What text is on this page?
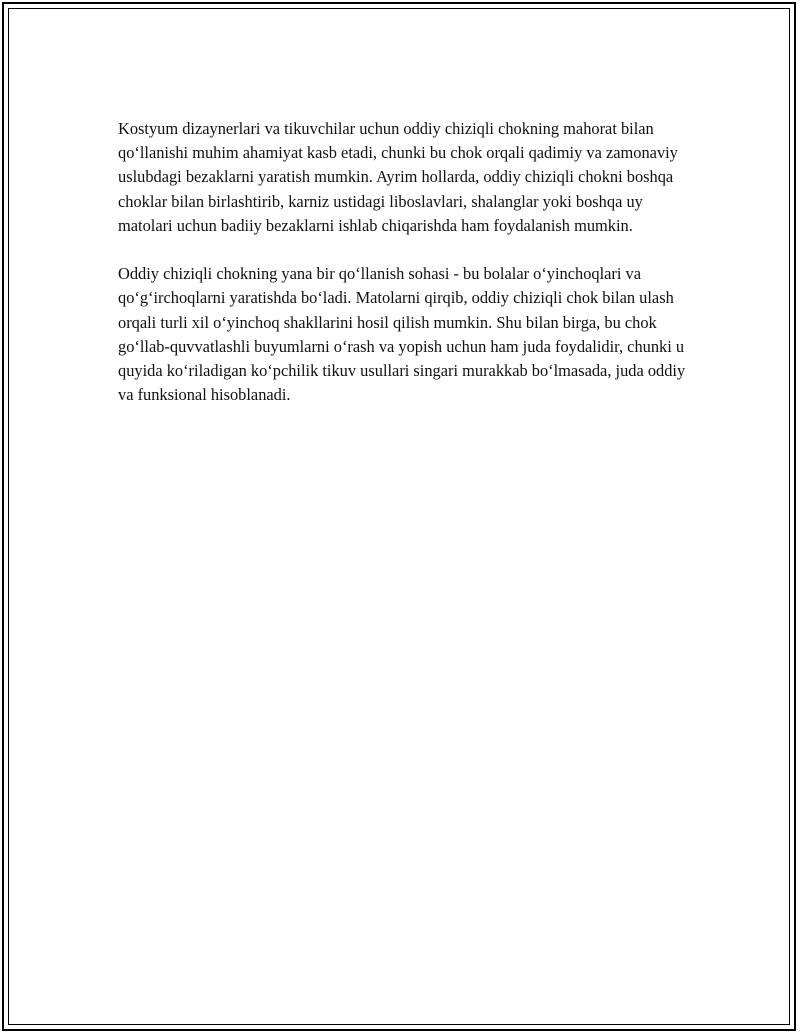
Kostyum dizaynerlari va tikuvchilar uchun oddiy chiziqli chokning mahorat bilan qoʻllanishi muhim ahamiyat kasb etadi, chunki bu chok orqali qadimiy va zamonaviy uslubdagi bezaklarni yaratish mumkin. Ayrim hollarda, oddiy chiziqli chokni boshqa choklar bilan birlashtirib, karniz ustidagi liboslavlari, shalanglar yoki boshqa uy matolari uchun badiiy bezaklarni ishlab chiqarishda ham foydalanish mumkin.

Oddiy chiziqli chokning yana bir qoʻllanish sohasi - bu bolalar oʻyinchoqlari va qoʻgʻirchoqlarni yaratishda boʻladi. Matolarni qirqib, oddiy chiziqli chok bilan ulash orqali turli xil oʻyinchoq shakllarini hosil qilish mumkin. Shu bilan birga, bu chok goʻllab-quvvatlashli buyumlarni oʻrash va yopish uchun ham juda foydalidir, chunki u quyida koʻriladigan koʻpchilik tikuv usullari singari murakkab boʻlmasada, juda oddiy va funksional hisoblanadi.
